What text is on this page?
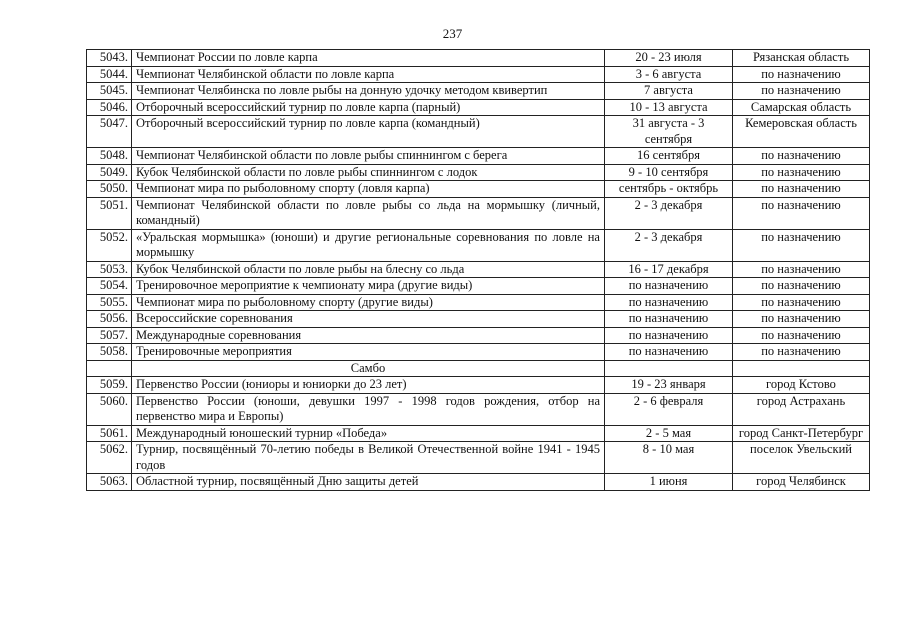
237
5043.	Чемпионат России по ловле карпа	20 - 23 июля	Рязанская область
5044.	Чемпионат Челябинской области по ловле карпа	3 - 6 августа	по назначению
5045.	Чемпионат Челябинска по ловле рыбы на донную удочку методом квивертип	7 августа	по назначению
5046.	Отборочный всероссийский турнир по ловле карпа (парный)	10 - 13 августа	Самарская область
5047.	Отборочный всероссийский турнир по ловле карпа (командный)	31 августа - 3 сентября	Кемеровская область
5048.	Чемпионат Челябинской области по ловле рыбы спиннингом с берега	16 сентября	по назначению
5049.	Кубок Челябинской области по ловле рыбы спиннингом с лодок	9 - 10 сентября	по назначению
5050.	Чемпионат мира по рыболовному спорту (ловля карпа)	сентябрь - октябрь	по назначению
5051.	Чемпионат Челябинской области по ловле рыбы со льда на мормышку (личный, командный)	2 - 3 декабря	по назначению
5052.	«Уральская мормышка» (юноши) и другие региональные соревнования по ловле на мормышку	2 - 3 декабря	по назначению
5053.	Кубок Челябинской области по ловле рыбы на блесну со льда	16 - 17 декабря	по назначению
5054.	Тренировочное мероприятие к чемпионату мира (другие виды)	по назначению	по назначению
5055.	Чемпионат мира по рыболовному спорту (другие виды)	по назначению	по назначению
5056.	Всероссийские соревнования	по назначению	по назначению
5057.	Международные соревнования	по назначению	по назначению
5058.	Тренировочные мероприятия	по назначению	по назначению
	Самбо		
5059.	Первенство России (юниоры и юниорки до 23 лет)	19 - 23 января	город Кстово
5060.	Первенство России (юноши, девушки 1997 - 1998 годов рождения, отбор на первенство мира и Европы)	2 - 6 февраля	город Астрахань
5061.	Международный юношеский турнир «Победа»	2 - 5 мая	город Санкт-Петербург
5062.	Турнир, посвящённый 70-летию победы в Великой Отечественной войне 1941 - 1945 годов	8 - 10 мая	поселок Увельский
5063.	Областной турнир, посвящённый Дню защиты детей	1 июня	город Челябинск
